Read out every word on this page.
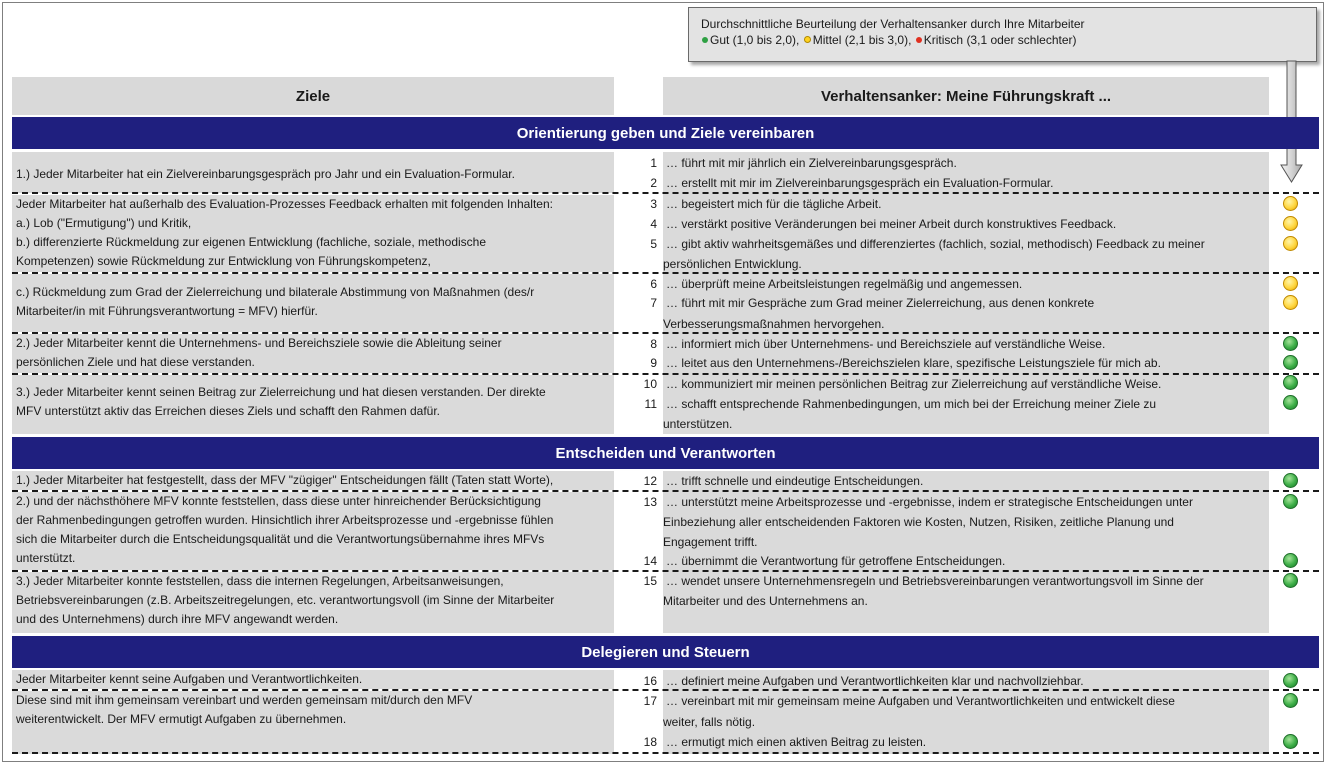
Durchschnittliche Beurteilung der Verhaltensanker durch Ihre Mitarbeiter
Gut (1,0 bis 2,0), Mittel (2,1 bis 3,0), Kritisch (3,1 oder schlechter)
Ziele	Verhaltensanker: Meine Führungskraft ...
Orientierung geben und Ziele vereinbaren
Entscheiden und Verantworten
Delegieren und Steuern
1.) Jeder Mitarbeiter hat ein Zielvereinbarungsgespräch pro Jahr und ein Evaluation-Formular.
Jeder Mitarbeiter hat außerhalb des Evaluation-Prozesses Feedback erhalten mit folgenden Inhalten:
a.) Lob ("Ermutigung") und Kritik,
b.) differenzierte Rückmeldung zur eigenen Entwicklung (fachliche, soziale, methodische
Kompetenzen) sowie Rückmeldung zur Entwicklung von Führungskompetenz,
c.) Rückmeldung zum Grad der Zielerreichung und bilaterale Abstimmung von Maßnahmen (des/r
Mitarbeiter/in mit Führungsverantwortung = MFV) hierfür.
2.) Jeder Mitarbeiter kennt die Unternehmens- und Bereichsziele sowie die Ableitung seiner
persönlichen Ziele und hat diese verstanden.
3.) Jeder Mitarbeiter kennt seinen Beitrag zur Zielerreichung und hat diesen verstanden. Der direkte
MFV unterstützt aktiv das Erreichen dieses Ziels und schafft den Rahmen dafür.
1.) Jeder Mitarbeiter hat festgestellt, dass der MFV "zügiger" Entscheidungen fällt (Taten statt Worte),
2.) und der nächsthöhere MFV konnte feststellen, dass diese unter hinreichender Berücksichtigung
der Rahmenbedingungen getroffen wurden. Hinsichtlich ihrer Arbeitsprozesse und -ergebnisse fühlen
sich die Mitarbeiter durch die Entscheidungsqualität und die Verantwortungsübernahme ihres MFVs
unterstützt.
3.) Jeder Mitarbeiter konnte feststellen, dass die internen Regelungen, Arbeitsanweisungen,
Betriebsvereinbarungen (z.B. Arbeitszeitregelungen, etc. verantwortungsvoll (im Sinne der Mitarbeiter
und des Unternehmens) durch ihre MFV angewandt werden.
Jeder Mitarbeiter kennt seine Aufgaben und Verantwortlichkeiten.
Diese sind mit ihm gemeinsam vereinbart und werden gemeinsam mit/durch den MFV
weiterentwickelt. Der MFV ermutigt Aufgaben zu übernehmen.
1 … führt mit mir jährlich ein Zielvereinbarungsgespräch.
2 … erstellt mit mir im Zielvereinbarungsgespräch ein Evaluation-Formular.
3 … begeistert mich für die tägliche Arbeit.
4 … verstärkt positive Veränderungen bei meiner Arbeit durch konstruktives Feedback.
5 … gibt aktiv wahrheitsgemäßes und differenziertes (fachlich, sozial, methodisch) Feedback zu meiner
persönlichen Entwicklung.
6 … überprüft meine Arbeitsleistungen regelmäßig und angemessen.
7 … führt mit mir Gespräche zum Grad meiner Zielerreichung, aus denen konkrete
Verbesserungsmaßnahmen hervorgehen.
8 … informiert mich über Unternehmens- und Bereichsziele auf verständliche Weise.
9 … leitet aus den Unternehmens-/Bereichszielen klare, spezifische Leistungsziele für mich ab.
10 … kommuniziert mir meinen persönlichen Beitrag zur Zielerreichung auf verständliche Weise.
11 … schafft entsprechende Rahmenbedingungen, um mich bei der Erreichung meiner Ziele zu
unterstützen.
12 … trifft schnelle und eindeutige Entscheidungen.
13 … unterstützt meine Arbeitsprozesse und -ergebnisse, indem er strategische Entscheidungen unter
Einbeziehung aller entscheidenden Faktoren wie Kosten, Nutzen, Risiken, zeitliche Planung und
Engagement trifft.
14 … übernimmt die Verantwortung für getroffene Entscheidungen.
15 … wendet unsere Unternehmensregeln und Betriebsvereinbarungen verantwortungsvoll im Sinne der
Mitarbeiter und des Unternehmens an.
16 … definiert meine Aufgaben und Verantwortlichkeiten klar und nachvollziehbar.
17 … vereinbart mit mir gemeinsam meine Aufgaben und Verantwortlichkeiten und entwickelt diese
weiter, falls nötig.
18 … ermutigt mich einen aktiven Beitrag zu leisten.
